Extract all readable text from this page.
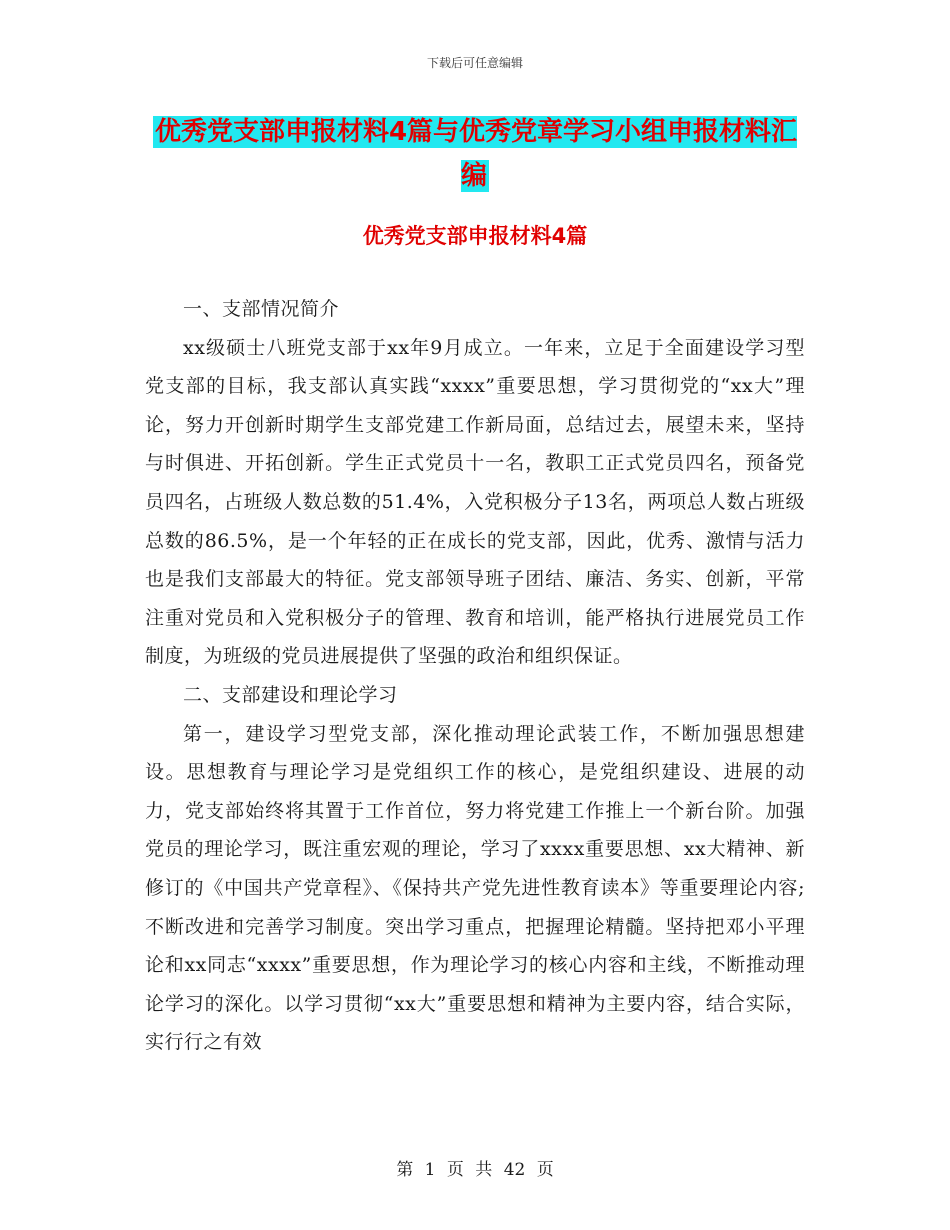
下载后可任意编辑
优秀党支部申报材料4篇与优秀党章学习小组申报材料汇编
优秀党支部申报材料4篇

一、支部情况简介

xx级硕士八班党支部于xx年9月成立。一年来，立足于全面建设学习型党支部的目标，我支部认真实践“xxxx”重要思想，学习贯彻党的“xx大”理论，努力开创新时期学生支部党建工作新局面，总结过去，展望未来，坚持与时俱进、开拓创新。学生正式党员十一名，教职工正式党员四名，预备党员四名，占班级人数总数的51.4%，入党积极分子13名，两项总人数占班级总数的86.5%，是一个年轻的正在成长的党支部，因此，优秀、激情与活力也是我们支部最大的特征。党支部领导班子团结、廉洁、务实、创新，平常注重对党员和入党积极分子的管理、教育和培训，能严格执行进展党员工作制度，为班级的党员进展提供了坚强的政治和组织保证。

二、支部建设和理论学习

第一，建设学习型党支部，深化推动理论武装工作，不断加强思想建设。思想教育与理论学习是党组织工作的核心，是党组织建设、进展的动力，党支部始终将其置于工作首位，努力将党建工作推上一个新台阶。加强党员的理论学习，既注重宏观的理论，学习了xxxx重要思想、xx大精神、新修订的《中国共产党章程》、《保持共产党先进性教育读本》等重要理论内容;不断改进和完善学习制度。突出学习重点，把握理论精髓。坚持把邓小平理论和xx同志“xxxx”重要思想，作为理论学习的核心内容和主线，不断推动理论学习的深化。以学习贯彻“xx大”重要思想和精神为主要内容，结合实际，实行行之有效

第 1 页 共 42 页
